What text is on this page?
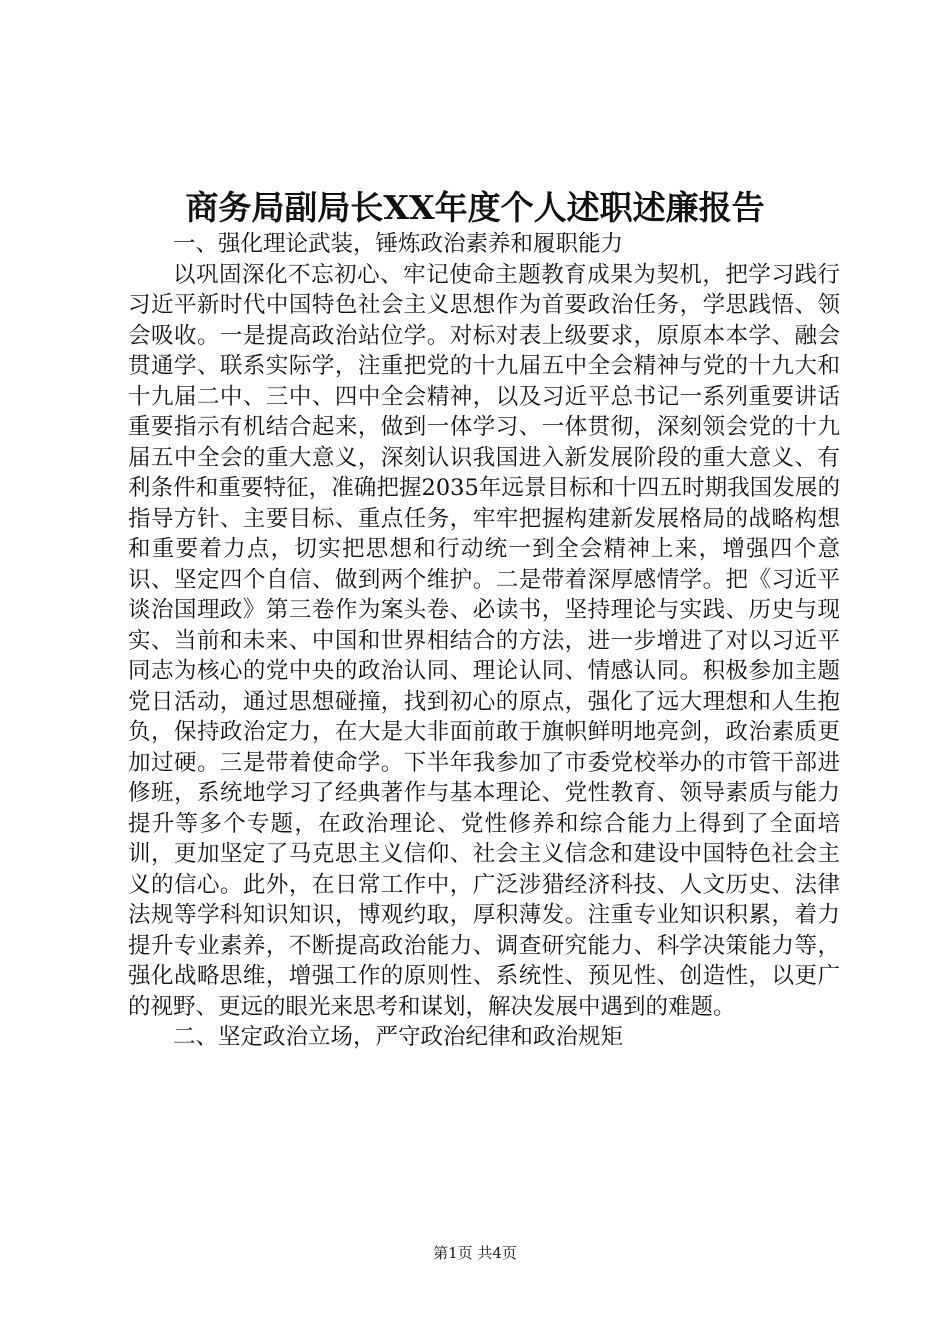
商务局副局长XX年度个人述职述廉报告

一、强化理论武装，锤炼政治素养和履职能力

以巩固深化不忘初心、牢记使命主题教育成果为契机，把学习践行习近平新时代中国特色社会主义思想作为首要政治任务，学思践悟、领会吸收。一是提高政治站位学。对标对表上级要求，原原本本学、融会贯通学、联系实际学，注重把党的十九届五中全会精神与党的十九大和十九届二中、三中、四中全会精神，以及习近平总书记一系列重要讲话重要指示有机结合起来，做到一体学习、一体贯彻，深刻领会党的十九届五中全会的重大意义，深刻认识我国进入新发展阶段的重大意义、有利条件和重要特征，准确把握2035年远景目标和十四五时期我国发展的指导方针、主要目标、重点任务，牢牢把握构建新发展格局的战略构想和重要着力点，切实把思想和行动统一到全会精神上来，增强四个意识、坚定四个自信、做到两个维护。二是带着深厚感情学。把《习近平谈治国理政》第三卷作为案头卷、必读书，坚持理论与实践、历史与现实、当前和未来、中国和世界相结合的方法，进一步增进了对以习近平同志为核心的党中央的政治认同、理论认同、情感认同。积极参加主题党日活动，通过思想碰撞，找到初心的原点，强化了远大理想和人生抱负，保持政治定力，在大是大非面前敢于旗帜鲜明地亮剑，政治素质更加过硬。三是带着使命学。下半年我参加了市委党校举办的市管干部进修班，系统地学习了经典著作与基本理论、党性教育、领导素质与能力提升等多个专题，在政治理论、党性修养和综合能力上得到了全面培训，更加坚定了马克思主义信仰、社会主义信念和建设中国特色社会主义的信心。此外，在日常工作中，广泛涉猎经济科技、人文历史、法律法规等学科知识知识，博观约取，厚积薄发。注重专业知识积累，着力提升专业素养，不断提高政治能力、调查研究能力、科学决策能力等，强化战略思维，增强工作的原则性、系统性、预见性、创造性，以更广的视野、更远的眼光来思考和谋划，解决发展中遇到的难题。

二、坚定政治立场，严守政治纪律和政治规矩

第1页 共4页
